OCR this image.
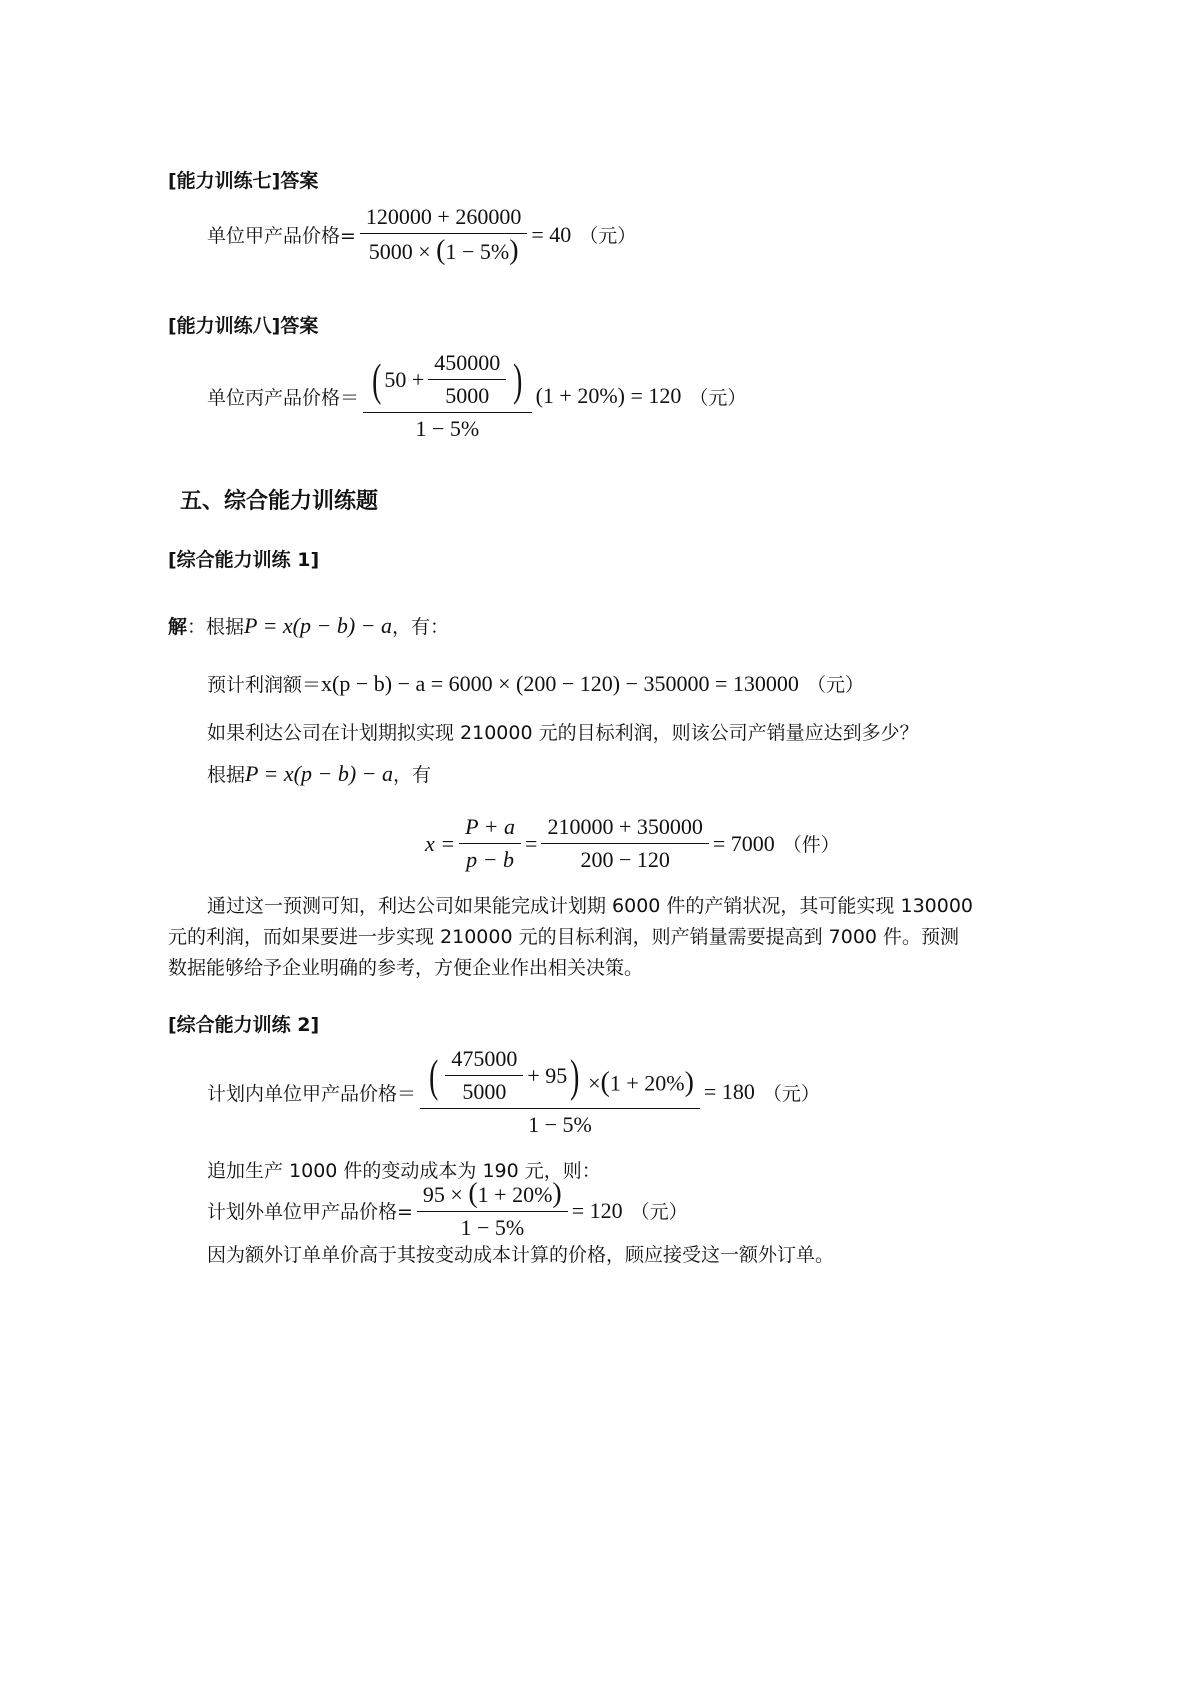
[能力训练七]答案
单位甲产品价格= $\frac{120000 + 260000}{5000 \times (1 - 5\%)} = 40$ （元）
[能力训练八]答案
单位丙产品价格＝ $\frac{( 50 + \frac{450000}{5000} )}{1 - 5\%} (1 + 20\%) = 120$ （元）
五、综合能力训练题
[综合能力训练 1]
解 ：根据 P = x(p − b) − a ，有：
预计利润额＝ x(p − b) − a = 6000 × (200 − 120) − 350000 = 130000 （元）
如果利达公司在计划期拟实现 210000 元的目标利润，则该公司产销量应达到多少？
根据 P = x(p − b) − a ，有
$x = \frac{P + a}{p - b} = \frac{210000 + 350000}{200 - 120} = 7000$ （件）
通过这一预测可知，利达公司如果能完成计划期 6000 件的产销状况，其可能实现 130000
元的利润，而如果要进一步实现 210000 元的目标利润，则产销量需要提高到 7000 件。预测
数据能够给予企业明确的参考，方便企业作出相关决策。
[综合能力训练 2]
计划内单位甲产品价格＝ ( $\frac{475000}{5000} + 95$ ) ×(1 + 20%)
1 − 5%
= 180 （元）
追加生产 1000 件的变动成本为 190 元，则：
计划外单位甲产品价格= $\frac{95 \times (1 + 20\%)}{1 - 5\%} = 120$ （元）
因为额外订单单价高于其按变动成本计算的价格，顾应接受这一额外订单。
